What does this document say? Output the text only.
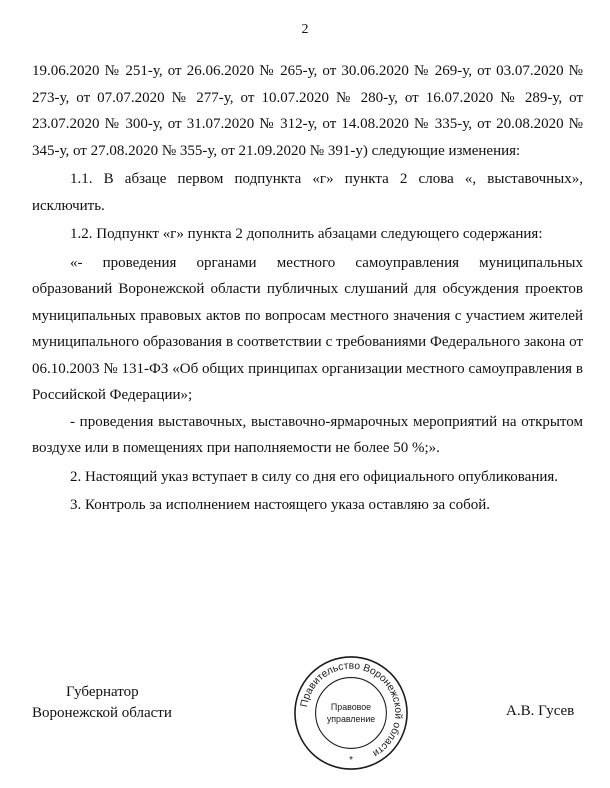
2

19.06.2020 № 251-у, от 26.06.2020 № 265-у, от 30.06.2020 № 269-у, от 03.07.2020 № 273-у, от 07.07.2020 № 277-у, от 10.07.2020 № 280-у, от 16.07.2020 № 289-у, от 23.07.2020 № 300-у, от 31.07.2020 № 312-у, от 14.08.2020 № 335-у, от 20.08.2020 № 345-у, от 27.08.2020 № 355-у, от 21.09.2020 № 391-у) следующие изменения:

1.1. В абзаце первом подпункта «г» пункта 2 слова «, выставочных», исключить.

1.2. Подпункт «г» пункта 2 дополнить абзацами следующего содержания:

«- проведения органами местного самоуправления муниципальных образований Воронежской области публичных слушаний для обсуждения проектов муниципальных правовых актов по вопросам местного значения с участием жителей муниципального образования в соответствии с требованиями Федерального закона от 06.10.2003 № 131-ФЗ «Об общих принципах организации местного самоуправления в Российской Федерации»;

- проведения выставочных, выставочно-ярмарочных мероприятий на открытом воздухе или в помещениях при наполняемости не более 50 %;».

2. Настоящий указ вступает в силу со дня его официального опубликования.

3. Контроль за исполнением настоящего указа оставляю за собой.

Губернатор
Воронежской области
Правительство Воронежской области
Правовое
управление
*
А.В. Гусев
